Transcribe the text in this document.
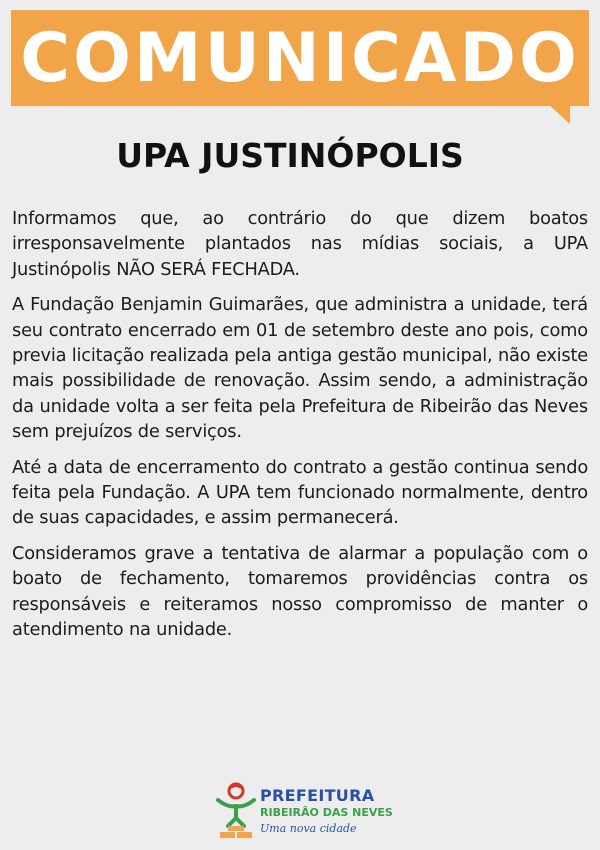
COMUNICADO
UPA JUSTINÓPOLIS

Informamos que, ao contrário do que dizem boatos irresponsavelmente plantados nas mídias sociais, a UPA Justinópolis NÃO SERÁ FECHADA.

A Fundação Benjamin Guimarães, que administra a unidade, terá seu contrato encerrado em 01 de setembro deste ano pois, como previa licitação realizada pela antiga gestão municipal, não existe mais possibilidade de renovação. Assim sendo, a administração da unidade volta a ser feita pela Prefeitura de Ribeirão das Neves sem prejuízos de serviços.

Até a data de encerramento do contrato a gestão continua sendo feita pela Fundação. A UPA tem funcionado normalmente, dentro de suas capacidades, e assim permanecerá.

Consideramos grave a tentativa de alarmar a população com o boato de fechamento, tomaremos providências contra os responsáveis e reiteramos nosso compromisso de manter o atendimento na unidade.

PREFEITURA
RIBEIRÃO DAS NEVES
Uma nova cidade
